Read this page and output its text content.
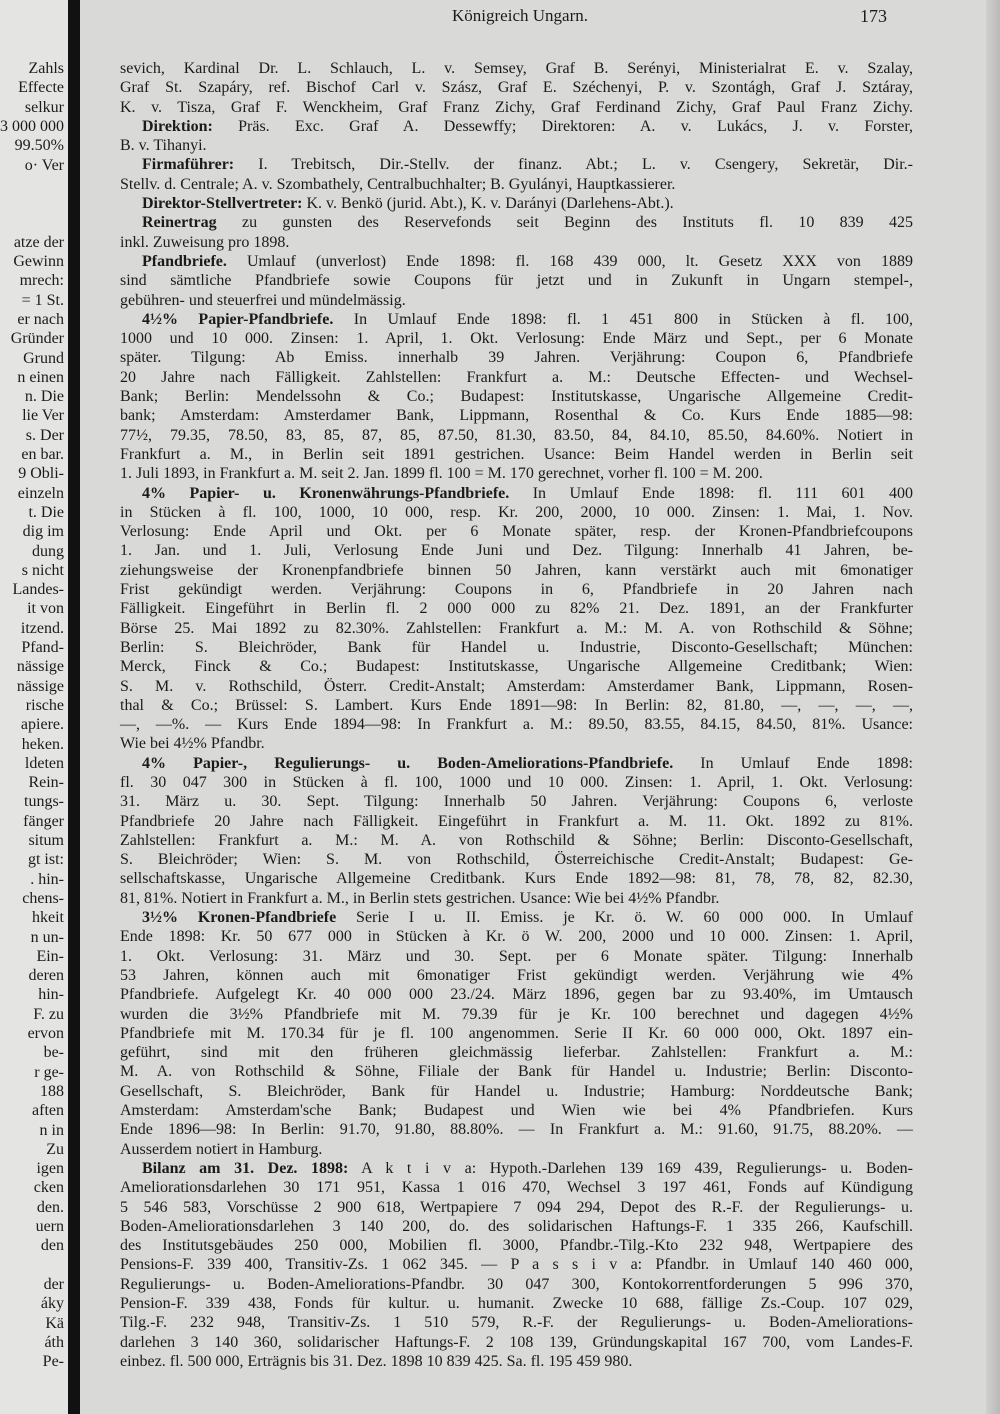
Zahls
Effecte
selkur
3 000 000
99.50%
o· Ver
atze der
Gewinn
mrech:
= 1 St.
er nach
Gründer
Grund
n einen
n. Die
lie Ver
s. Der
en bar.
9 Obli-
einzeln
t. Die
dig im
dung
s nicht
Landes-
it von
itzend.
Pfand-
nässige
nässige
rische
apiere.
heken.
ldeten
Rein-
tungs-
fänger
situm
gt ist:
. hin-
chens-
hkeit
n un-
Ein-
deren
hin-
F. zu
ervon
be-
r ge-
188
aften
n in
Zu
igen
cken
den.
uern
den
der
áky
Kä
áth
Pe-
Königreich Ungarn.	173
sevich, Kardinal Dr. L. Schlauch, L. v. Semsey, Graf B. Serényi, Ministerialrat E. v. Szalay,
Graf St. Szapáry, ref. Bischof Carl v. Szász, Graf E. Széchenyi, P. v. Szontágh, Graf J. Sztáray,
K. v. Tisza, Graf F. Wenckheim, Graf Franz Zichy, Graf Ferdinand Zichy, Graf Paul Franz Zichy.
Direktion: Präs. Exc. Graf A. Dessewffy; Direktoren: A. v. Lukács, J. v. Forster,
B. v. Tihanyi.
Firmaführer: I. Trebitsch, Dir.-Stellv. der finanz. Abt.; L. v. Csengery, Sekretär, Dir.-
Stellv. d. Centrale; A. v. Szombathely, Centralbuchhalter; B. Gyulányi, Hauptkassierer.
Direktor-Stellvertreter: K. v. Benkö (jurid. Abt.), K. v. Darányi (Darlehens-Abt.).
Reinertrag zu gunsten des Reservefonds seit Beginn des Instituts fl. 10 839 425
inkl. Zuweisung pro 1898.
Pfandbriefe. Umlauf (unverlost) Ende 1898: fl. 168 439 000, lt. Gesetz XXX von 1889
sind sämtliche Pfandbriefe sowie Coupons für jetzt und in Zukunft in Ungarn stempel-,
gebühren- und steuerfrei und mündelmässig.
4½% Papier-Pfandbriefe. In Umlauf Ende 1898: fl. 1 451 800 in Stücken à fl. 100,
1000 und 10 000. Zinsen: 1. April, 1. Okt. Verlosung: Ende März und Sept., per 6 Monate
später. Tilgung: Ab Emiss. innerhalb 39 Jahren. Verjährung: Coupon 6, Pfandbriefe
20 Jahre nach Fälligkeit. Zahlstellen: Frankfurt a. M.: Deutsche Effecten- und Wechsel-
Bank; Berlin: Mendelssohn & Co.; Budapest: Institutskasse, Ungarische Allgemeine Credit-
bank; Amsterdam: Amsterdamer Bank, Lippmann, Rosenthal & Co. Kurs Ende 1885—98:
77½, 79.35, 78.50, 83, 85, 87, 85, 87.50, 81.30, 83.50, 84, 84.10, 85.50, 84.60%. Notiert in
Frankfurt a. M., in Berlin seit 1891 gestrichen. Usance: Beim Handel werden in Berlin seit
1. Juli 1893, in Frankfurt a. M. seit 2. Jan. 1899 fl. 100 = M. 170 gerechnet, vorher fl. 100 = M. 200.
4% Papier- u. Kronenwährungs-Pfandbriefe. In Umlauf Ende 1898: fl. 111 601 400
in Stücken à fl. 100, 1000, 10 000, resp. Kr. 200, 2000, 10 000. Zinsen: 1. Mai, 1. Nov.
Verlosung: Ende April und Okt. per 6 Monate später, resp. der Kronen-Pfandbriefcoupons
1. Jan. und 1. Juli, Verlosung Ende Juni und Dez. Tilgung: Innerhalb 41 Jahren, be-
ziehungsweise der Kronenpfandbriefe binnen 50 Jahren, kann verstärkt auch mit 6monatiger
Frist gekündigt werden. Verjährung: Coupons in 6, Pfandbriefe in 20 Jahren nach
Fälligkeit. Eingeführt in Berlin fl. 2 000 000 zu 82% 21. Dez. 1891, an der Frankfurter
Börse 25. Mai 1892 zu 82.30%. Zahlstellen: Frankfurt a. M.: M. A. von Rothschild & Söhne;
Berlin: S. Bleichröder, Bank für Handel u. Industrie, Disconto-Gesellschaft; München:
Merck, Finck & Co.; Budapest: Institutskasse, Ungarische Allgemeine Creditbank; Wien:
S. M. v. Rothschild, Österr. Credit-Anstalt; Amsterdam: Amsterdamer Bank, Lippmann, Rosen-
thal & Co.; Brüssel: S. Lambert. Kurs Ende 1891—98: In Berlin: 82, 81.80, —, —, —, —,
—, —%. — Kurs Ende 1894—98: In Frankfurt a. M.: 89.50, 83.55, 84.15, 84.50, 81%. Usance:
Wie bei 4½% Pfandbr.
4% Papier-, Regulierungs- u. Boden-Ameliorations-Pfandbriefe. In Umlauf Ende 1898:
fl. 30 047 300 in Stücken à fl. 100, 1000 und 10 000. Zinsen: 1. April, 1. Okt. Verlosung:
31. März u. 30. Sept. Tilgung: Innerhalb 50 Jahren. Verjährung: Coupons 6, verloste
Pfandbriefe 20 Jahre nach Fälligkeit. Eingeführt in Frankfurt a. M. 11. Okt. 1892 zu 81%.
Zahlstellen: Frankfurt a. M.: M. A. von Rothschild & Söhne; Berlin: Disconto-Gesellschaft,
S. Bleichröder; Wien: S. M. von Rothschild, Österreichische Credit-Anstalt; Budapest: Ge-
sellschaftskasse, Ungarische Allgemeine Creditbank. Kurs Ende 1892—98: 81, 78, 78, 82, 82.30,
81, 81%. Notiert in Frankfurt a. M., in Berlin stets gestrichen. Usance: Wie bei 4½% Pfandbr.
3½% Kronen-Pfandbriefe Serie I u. II. Emiss. je Kr. ö. W. 60 000 000. In Umlauf
Ende 1898: Kr. 50 677 000 in Stücken à Kr. ö W. 200, 2000 und 10 000. Zinsen: 1. April,
1. Okt. Verlosung: 31. März und 30. Sept. per 6 Monate später. Tilgung: Innerhalb
53 Jahren, können auch mit 6monatiger Frist gekündigt werden. Verjährung wie 4%
Pfandbriefe. Aufgelegt Kr. 40 000 000 23./24. März 1896, gegen bar zu 93.40%, im Umtausch
wurden die 3½% Pfandbriefe mit M. 79.39 für je Kr. 100 berechnet und dagegen 4½%
Pfandbriefe mit M. 170.34 für je fl. 100 angenommen. Serie II Kr. 60 000 000, Okt. 1897 ein-
geführt, sind mit den früheren gleichmässig lieferbar. Zahlstellen: Frankfurt a. M.:
M. A. von Rothschild & Söhne, Filiale der Bank für Handel u. Industrie; Berlin: Disconto-
Gesellschaft, S. Bleichröder, Bank für Handel u. Industrie; Hamburg: Norddeutsche Bank;
Amsterdam: Amsterdam'sche Bank; Budapest und Wien wie bei 4% Pfandbriefen. Kurs
Ende 1896—98: In Berlin: 91.70, 91.80, 88.80%. — In Frankfurt a. M.: 91.60, 91.75, 88.20%. —
Ausserdem notiert in Hamburg.
Bilanz am 31. Dez. 1898: A k t i v a: Hypoth.-Darlehen 139 169 439, Regulierungs- u. Boden-
Ameliorationsdarlehen 30 171 951, Kassa 1 016 470, Wechsel 3 197 461, Fonds auf Kündigung
5 546 583, Vorschüsse 2 900 618, Wertpapiere 7 094 294, Depot des R.-F. der Regulierungs- u.
Boden-Ameliorationsdarlehen 3 140 200, do. des solidarischen Haftungs-F. 1 335 266, Kaufschill.
des Institutsgebäudes 250 000, Mobilien fl. 3000, Pfandbr.-Tilg.-Kto 232 948, Wertpapiere des
Pensions-F. 339 400, Transitiv-Zs. 1 062 345. — P a s s i v a: Pfandbr. in Umlauf 140 460 000,
Regulierungs- u. Boden-Ameliorations-Pfandbr. 30 047 300, Kontokorrentforderungen 5 996 370,
Pension-F. 339 438, Fonds für kultur. u. humanit. Zwecke 10 688, fällige Zs.-Coup. 107 029,
Tilg.-F. 232 948, Transitiv-Zs. 1 510 579, R.-F. der Regulierungs- u. Boden-Ameliorations-
darlehen 3 140 360, solidarischer Haftungs-F. 2 108 139, Gründungskapital 167 700, vom Landes-F.
einbez. fl. 500 000, Erträgnis bis 31. Dez. 1898 10 839 425. Sa. fl. 195 459 980.
